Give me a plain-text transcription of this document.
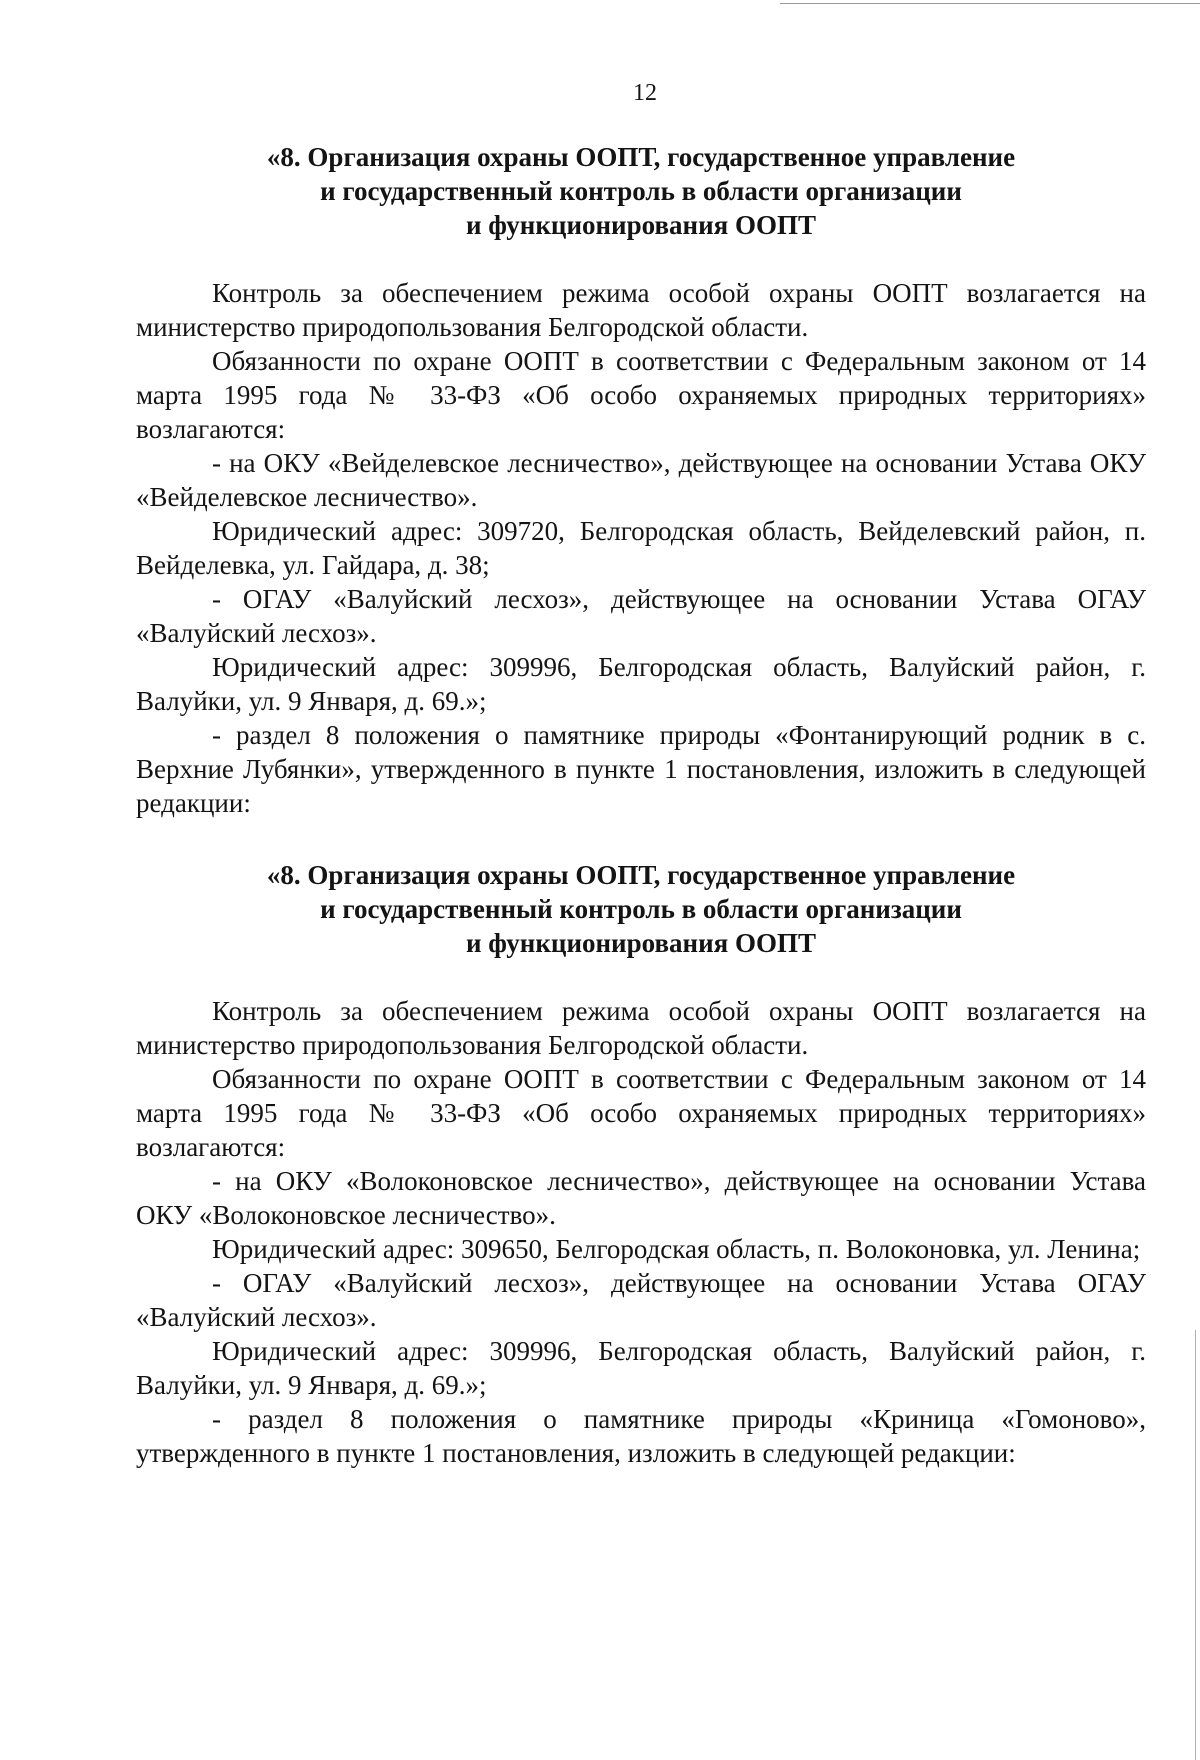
12
«8. Организация охраны ООПТ, государственное управление
и государственный контроль в области организации
и функционирования ООПТ

Контроль за обеспечением режима особой охраны ООПТ возлагается на министерство природопользования Белгородской области.

Обязанности по охране ООПТ в соответствии с Федеральным законом от 14 марта 1995 года № 33-ФЗ «Об особо охраняемых природных территориях» возлагаются:

- на ОКУ «Вейделевское лесничество», действующее на основании Устава ОКУ «Вейделевское лесничество».

Юридический адрес: 309720, Белгородская область, Вейделевский район, п. Вейделевка, ул. Гайдара, д. 38;

- ОГАУ «Валуйский лесхоз», действующее на основании Устава ОГАУ «Валуйский лесхоз».

Юридический адрес: 309996, Белгородская область, Валуйский район, г. Валуйки, ул. 9 Января, д. 69.»;

- раздел 8 положения о памятнике природы «Фонтанирующий родник в с. Верхние Лубянки», утвержденного в пункте 1 постановления, изложить в следующей редакции:

«8. Организация охраны ООПТ, государственное управление
и государственный контроль в области организации
и функционирования ООПТ

Контроль за обеспечением режима особой охраны ООПТ возлагается на министерство природопользования Белгородской области.

Обязанности по охране ООПТ в соответствии с Федеральным законом от 14 марта 1995 года № 33-ФЗ «Об особо охраняемых природных территориях» возлагаются:

- на ОКУ «Волоконовское лесничество», действующее на основании Устава ОКУ «Волоконовское лесничество».

Юридический адрес: 309650, Белгородская область, п. Волоконовка, ул. Ленина;

- ОГАУ «Валуйский лесхоз», действующее на основании Устава ОГАУ «Валуйский лесхоз».

Юридический адрес: 309996, Белгородская область, Валуйский район, г. Валуйки, ул. 9 Января, д. 69.»;

- раздел 8 положения о памятнике природы «Криница «Гомоново», утвержденного в пункте 1 постановления, изложить в следующей редакции:
